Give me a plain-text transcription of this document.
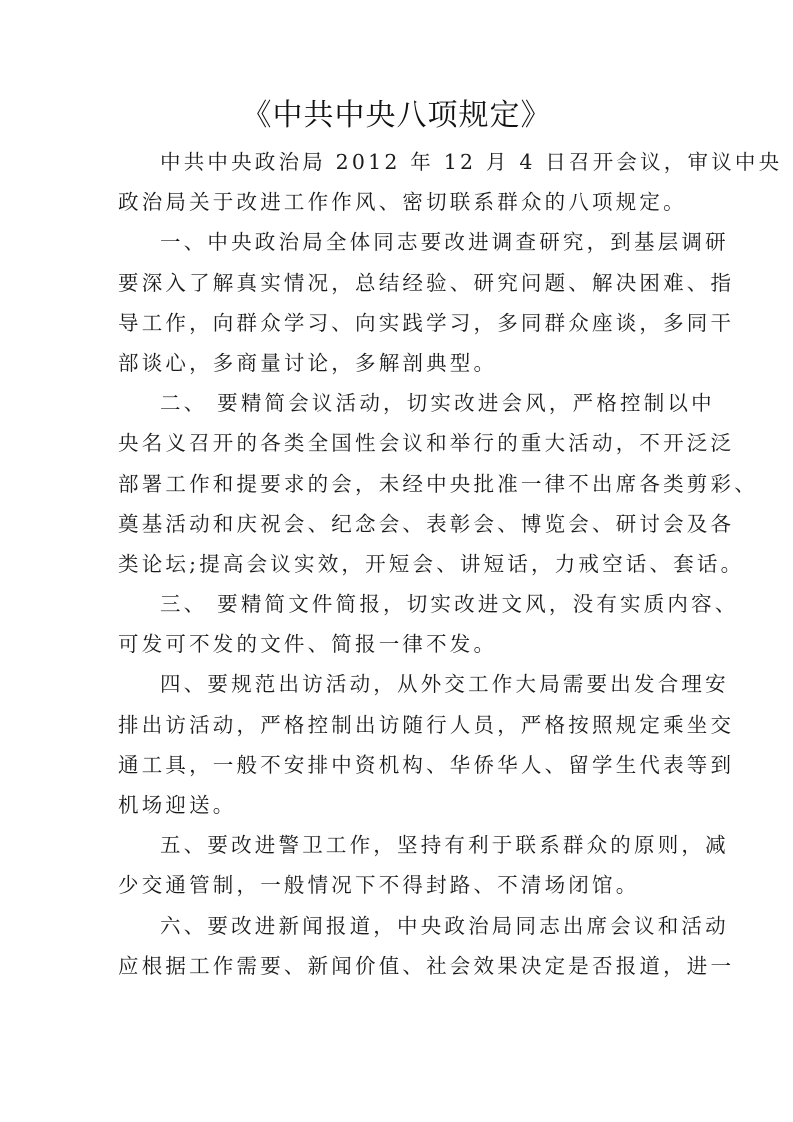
《中共中央八项规定》
中共中央政治局 2012 年 12 月 4 日召开会议，审议中央
政治局关于改进工作作风、密切联系群众的八项规定。
一、中央政治局全体同志要改进调查研究，到基层调研
要深入了解真实情况，总结经验、研究问题、解决困难、指
导工作，向群众学习、向实践学习，多同群众座谈，多同干
部谈心，多商量讨论，多解剖典型。
二、 要精简会议活动，切实改进会风，严格控制以中
央名义召开的各类全国性会议和举行的重大活动，不开泛泛
部署工作和提要求的会，未经中央批准一律不出席各类剪彩、
奠基活动和庆祝会、纪念会、表彰会、博览会、研讨会及各
类论坛;提高会议实效，开短会、讲短话，力戒空话、套话。
三、 要精简文件简报，切实改进文风，没有实质内容、
可发可不发的文件、简报一律不发。
四、要规范出访活动，从外交工作大局需要出发合理安
排出访活动，严格控制出访随行人员，严格按照规定乘坐交
通工具，一般不安排中资机构、华侨华人、留学生代表等到
机场迎送。
五、要改进警卫工作，坚持有利于联系群众的原则，减
少交通管制，一般情况下不得封路、不清场闭馆。
六、要改进新闻报道，中央政治局同志出席会议和活动
应根据工作需要、新闻价值、社会效果决定是否报道，进一
